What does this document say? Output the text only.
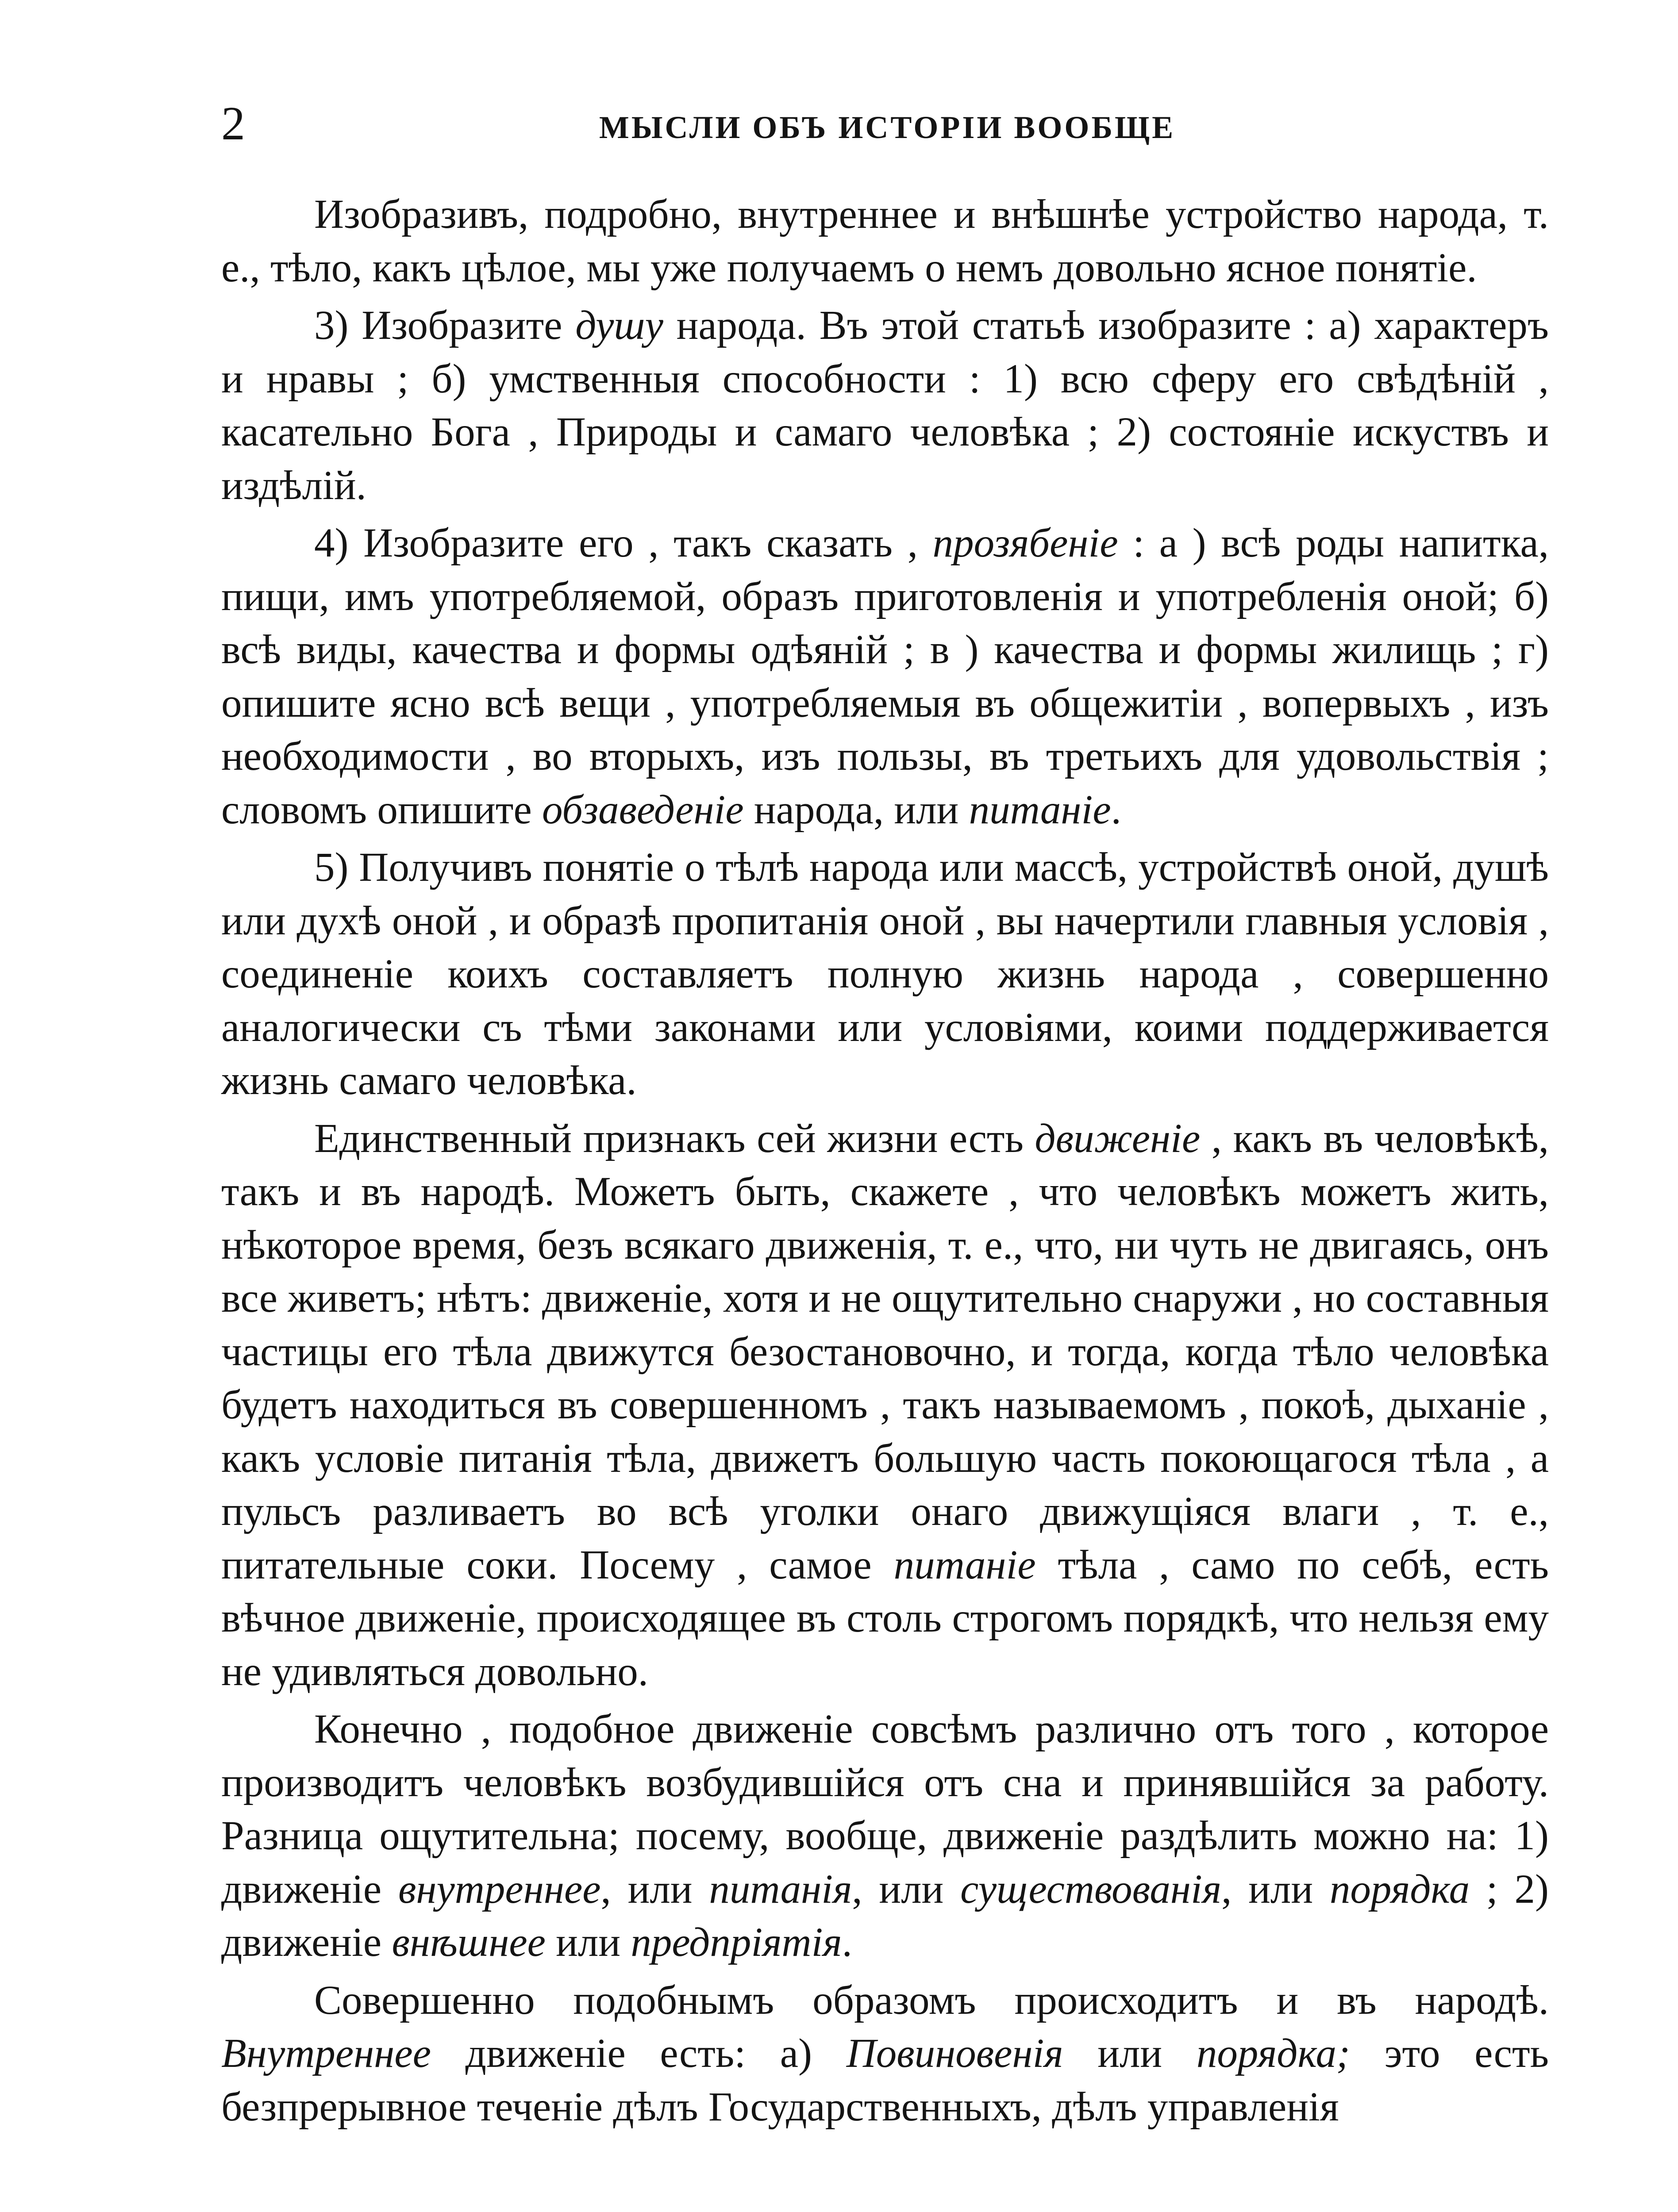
2	МЫСЛИ ОБЪ ИСТОРІИ ВООБЩЕ

Изобразивъ, подробно, внутреннее и внѣшнѣе устройство народа, т. е., тѣло, какъ цѣлое, мы уже получаемъ о немъ довольно ясное понятіе.

3) Изобразите душу народа. Въ этой статьѣ изобразите : а) характеръ и нравы ; б) умственныя способности : 1) всю сферу его свѣдѣній , касательно Бога , Природы и самаго человѣка ; 2) состояніе искуствъ и издѣлій.

4) Изобразите его , такъ сказать , прозябеніе : а ) всѣ роды напитка, пищи, имъ употребляемой, образъ приготовленія и употребленія оной; б) всѣ виды, качества и формы одѣяній ; в ) качества и формы жилищь ; г) опишите ясно всѣ вещи , употребляемыя въ общежитіи , вопервыхъ , изъ необходимости , во вторыхъ, изъ пользы, въ третьихъ для удовольствія ; словомъ опишите обзаведеніе народа, или питаніе.

5) Получивъ понятіе о тѣлѣ народа или массѣ, устройствѣ оной, душѣ или духѣ оной , и образѣ пропитанія оной , вы начертили главныя условія , соединеніе коихъ составляетъ полную жизнь народа , совершенно аналогически съ тѣми законами или условіями, коими поддерживается жизнь самаго человѣка.

Единственный признакъ сей жизни есть движеніе , какъ въ человѣкѣ, такъ и въ народѣ. Можетъ быть, скажете , что человѣкъ можетъ жить, нѣкоторое время, безъ всякаго движенія, т. е., что, ни чуть не двигаясь, онъ все живетъ; нѣтъ: движеніе, хотя и не ощутительно снаружи , но составныя частицы его тѣла движутся безостановочно, и тогда, когда тѣло человѣка будетъ находиться въ совершенномъ , такъ называемомъ , покоѣ, дыханіе , какъ условіе питанія тѣла, движетъ большую часть покоющагося тѣла , а пульсъ разливаетъ во всѣ уголки онаго движущіяся влаги , т. е., питательные соки. Посему , самое питаніе тѣла , само по себѣ, есть вѣчное движеніе, происходящее въ столь строгомъ порядкѣ, что нельзя ему не удивляться довольно.

Конечно , подобное движеніе совсѣмъ различно отъ того , которое производитъ человѣкъ возбудившійся отъ сна и принявшійся за работу. Разница ощутительна; посему, вообще, движеніе раздѣлить можно на: 1) движеніе внутреннее, или питанія, или существованія, или порядка ; 2) движеніе внѣшнее или предпріятія.

Совершенно подобнымъ образомъ происходитъ и въ народѣ. Внутреннее движеніе есть: а) Повиновенія или порядка; это есть безпрерывное теченіе дѣлъ Государственныхъ, дѣлъ управленія
